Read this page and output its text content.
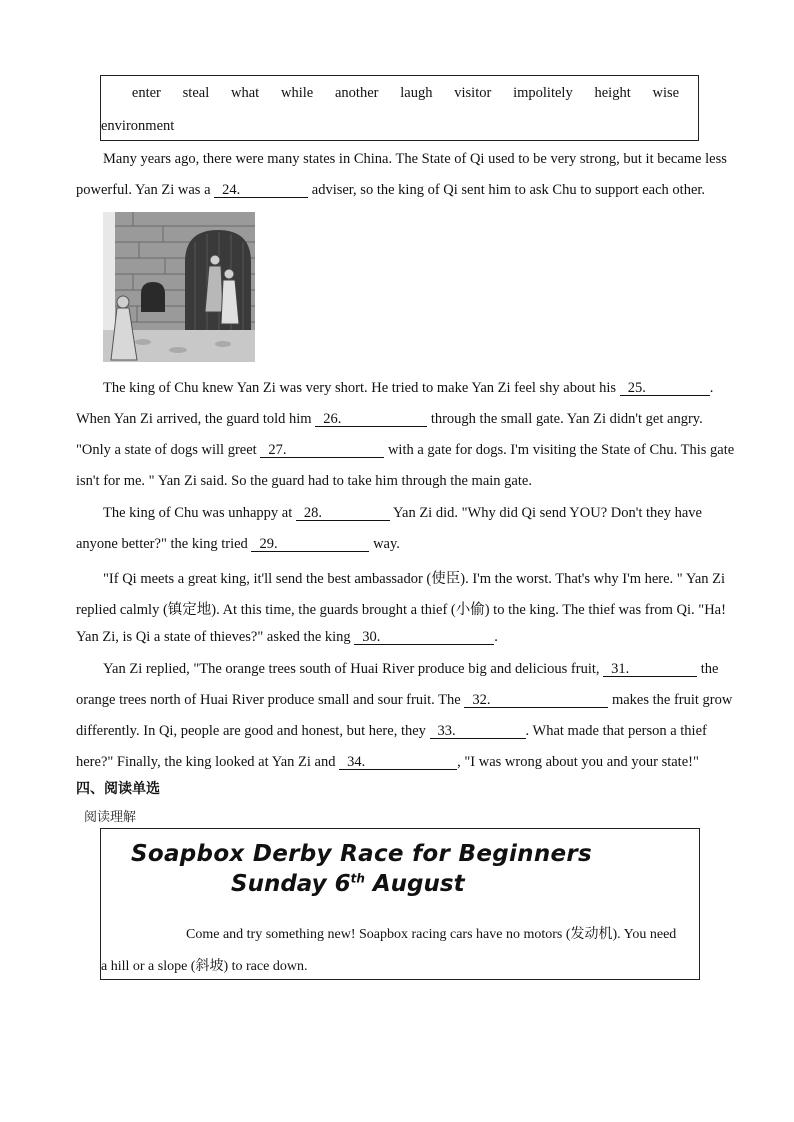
enter steal what while another laugh visitor impolitely height wise
environment
Many years ago, there were many states in China. The State of Qi used to be very strong, but it became less
powerful. Yan Zi was a 24.	adviser, so the king of Qi sent him to ask Chu to support each other.
The king of Chu knew Yan Zi was very short. He tried to make Yan Zi feel shy about his 25.	.
When Yan Zi arrived, the guard told him 26.	through the small gate. Yan Zi didn't get angry.
"Only a state of dogs will greet 27.	with a gate for dogs. I'm visiting the State of Chu. This gate
isn't for me. " Yan Zi said. So the guard had to take him through the main gate.
The king of Chu was unhappy at 28.	Yan Zi did. "Why did Qi send YOU? Don't they have
anyone better?" the king tried 29.	way.
"If Qi meets a great king, it'll send the best ambassador (使臣). I'm the worst. That's why I'm here. " Yan Zi
replied calmly (镇定地). At this time, the guards brought a thief (小偷) to the king. The thief was from Qi. "Ha!
Yan Zi, is Qi a state of thieves?" asked the king 30.	.
Yan Zi replied, "The orange trees south of Huai River produce big and delicious fruit, 31.	the
orange trees north of Huai River produce small and sour fruit. The 32.	makes the fruit grow
differently. In Qi, people are good and honest, but here, they 33.	. What made that person a thief
here?" Finally, the king looked at Yan Zi and 34.	, "I was wrong about you and your state!"
四、阅读单选
阅读理解
Soapbox Derby Race for Beginners
Sunday 6th August
Come and try something new! Soapbox racing cars have no motors (发动机). You need
a hill or a slope (斜坡) to race down.
